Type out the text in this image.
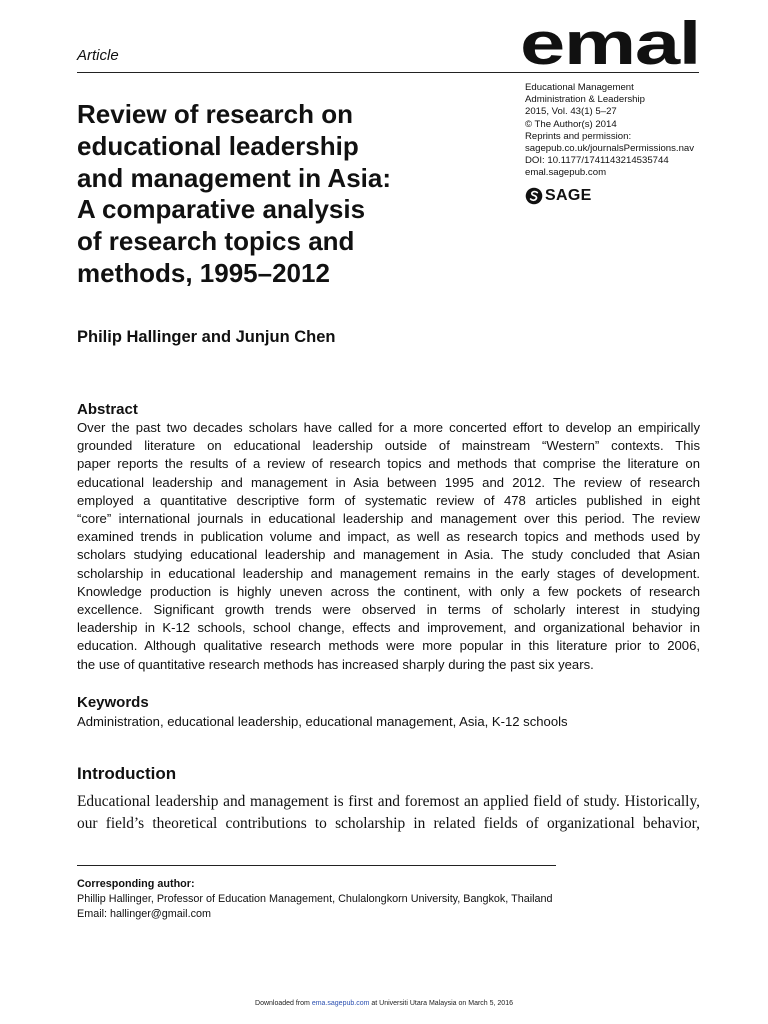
Article	emal
Educational Management
Administration & Leadership
2015, Vol. 43(1) 5–27
© The Author(s) 2014
Reprints and permission:
sagepub.co.uk/journalsPermissions.nav
DOI: 10.1177/1741143214535744
emal.sagepub.com
SAGE
Review of research on
educational leadership
and management in Asia:
A comparative analysis
of research topics and
methods, 1995–2012
Philip Hallinger and Junjun Chen
Abstract
Over the past two decades scholars have called for a more concerted effort to develop an empirically
grounded literature on educational leadership outside of mainstream “Western” contexts. This
paper reports the results of a review of research topics and methods that comprise the literature on
educational leadership and management in Asia between 1995 and 2012. The review of research
employed a quantitative descriptive form of systematic review of 478 articles published in eight
“core” international journals in educational leadership and management over this period. The review
examined trends in publication volume and impact, as well as research topics and methods used by
scholars studying educational leadership and management in Asia. The study concluded that Asian
scholarship in educational leadership and management remains in the early stages of development.
Knowledge production is highly uneven across the continent, with only a few pockets of research
excellence. Significant growth trends were observed in terms of scholarly interest in studying
leadership in K-12 schools, school change, effects and improvement, and organizational behavior in
education. Although qualitative research methods were more popular in this literature prior to 2006,
the use of quantitative research methods has increased sharply during the past six years.
Keywords
Administration, educational leadership, educational management, Asia, K-12 schools
Introduction
Educational leadership and management is first and foremost an applied field of study. Historically,
our field’s theoretical contributions to scholarship in related fields of organizational behavior,
Corresponding author:
Phillip Hallinger, Professor of Education Management, Chulalongkorn University, Bangkok, Thailand
Email: hallinger@gmail.com
Downloaded from ema.sagepub.com at Universiti Utara Malaysia on March 5, 2016
